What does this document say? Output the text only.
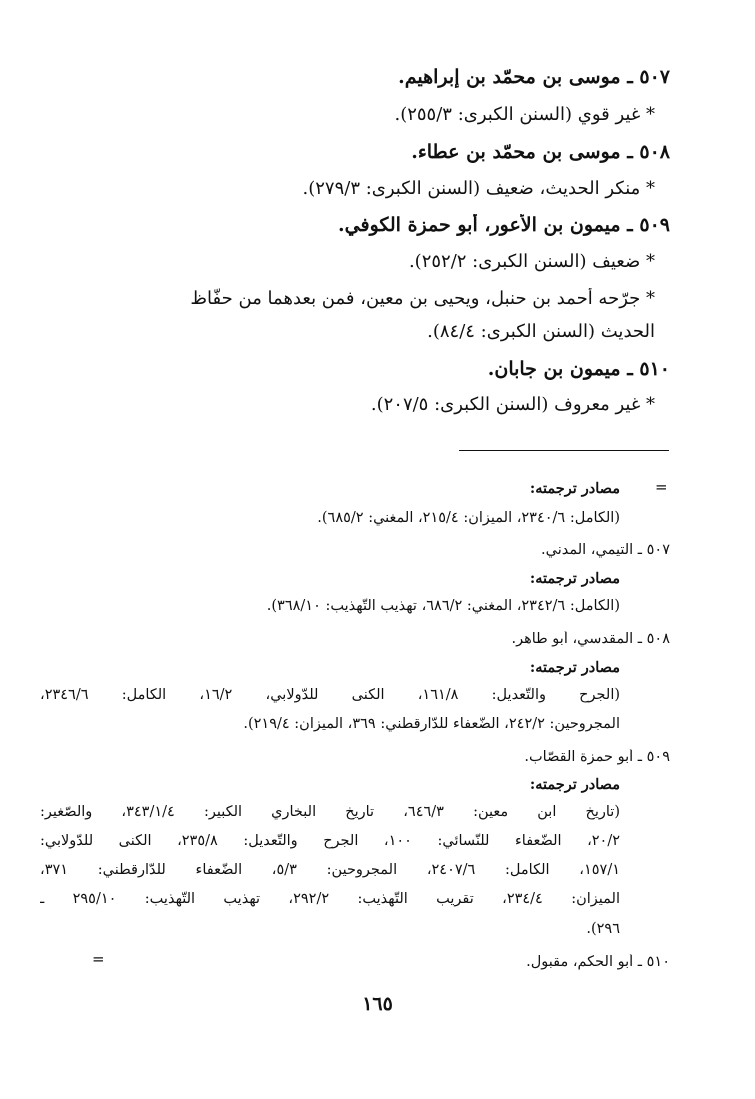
٥٠٧ ـ موسى بن محمّد بن إبراهيم.
* غير قوي (السنن الكبرى: ٢٥٥/٣).
٥٠٨ ـ موسى بن محمّد بن عطاء.
* منكر الحديث، ضعيف (السنن الكبرى: ٢٧٩/٣).
٥٠٩ ـ ميمون بن الأعور، أبو حمزة الكوفي.
* ضعيف (السنن الكبرى: ٢٥٢/٢).
* جرّحه أحمد بن حنبل، ويحيى بن معين، فمن بعدهما من حفّاظ
الحديث (السنن الكبرى: ٨٤/٤).
٥١٠ ـ ميمون بن جابان.
* غير معروف (السنن الكبرى: ٢٠٧/٥).
=
مصادر ترجمته:
(الكامل: ٢٣٤٠/٦، الميزان: ٢١٥/٤، المغني: ٦٨٥/٢).
٥٠٧ ـ التيمي، المدني.
مصادر ترجمته:
(الكامل: ٢٣٤٢/٦، المغني: ٦٨٦/٢، تهذيب التّهذيب: ٣٦٨/١٠).
٥٠٨ ـ المقدسي، أبو طاهر.
مصادر ترجمته:
(الجرح والتّعديل: ١٦١/٨، الكنى للدّولابي، ١٦/٢، الكامل: ٢٣٤٦/٦،
المجروحين: ٢٤٢/٢، الضّعفاء للدّارقطني: ٣٦٩، الميزان: ٢١٩/٤).
٥٠٩ ـ أبو حمزة القصّاب.
مصادر ترجمته:
(تاريخ ابن معين: ٦٤٦/٣، تاريخ البخاري الكبير: ٣٤٣/١/٤، والصّغير:
٢٠/٢، الضّعفاء للنّسائي: ١٠٠، الجرح والتّعديل: ٢٣٥/٨، الكنى للدّولابي:
١٥٧/١، الكامل: ٢٤٠٧/٦، المجروحين: ٥/٣، الضّعفاء للدّارقطني: ٣٧١،
الميزان: ٢٣٤/٤، تقريب التّهذيب: ٢٩٢/٢، تهذيب التّهذيب: ٢٩٥/١٠ ـ
٢٩٦).
٥١٠ ـ أبو الحكم، مقبول.
=
١٦٥
